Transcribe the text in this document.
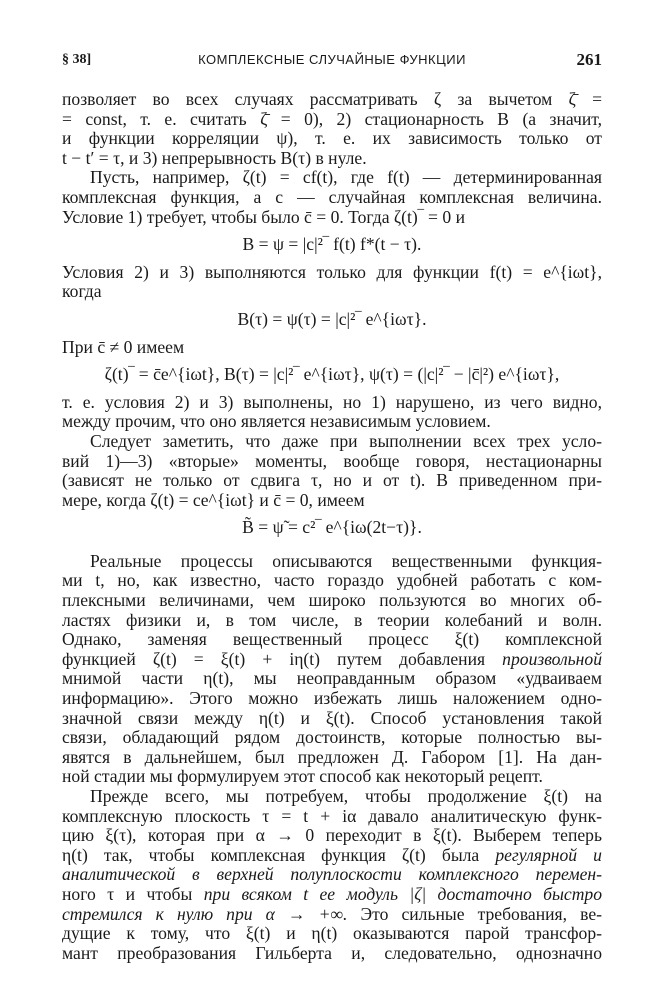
§ 38]	КОМПЛЕКСНЫЕ СЛУЧАЙНЫЕ ФУНКЦИИ	261
позволяет во всех случаях рассматривать ζ за вычетом ζ̄ =
= const, т. е. считать ζ̄ = 0), 2) стационарность B (а значит,
и функции корреляции ψ), т. е. их зависимость только от
t − t′ = τ, и 3) непрерывность B(τ) в нуле.
Пусть, например, ζ(t) = cf(t), где f(t) — детерминированная
комплексная функция, а c — случайная комплексная величина.
Условие 1) требует, чтобы было c̄ = 0. Тогда ζ(t)‾ = 0 и
B = ψ = |c|²‾ f(t) f*(t − τ).
Условия 2) и 3) выполняются только для функции f(t) = e^{iωt},
когда
B(τ) = ψ(τ) = |c|²‾ e^{iωτ}.
При c̄ ≠ 0 имеем
ζ(t)‾ = c̄e^{iωt}, B(τ) = |c|²‾ e^{iωτ}, ψ(τ) = (|c|²‾ − |c̄|²) e^{iωτ},
т. е. условия 2) и 3) выполнены, но 1) нарушено, из чего видно,
между прочим, что оно является независимым условием.
Следует заметить, что даже при выполнении всех трех усло-
вий 1)—3) «вторые» моменты, вообще говоря, нестационарны
(зависят не только от сдвига τ, но и от t). В приведенном при-
мере, когда ζ(t) = ce^{iωt} и c̄ = 0, имеем
B̃ = ψ̃ = c²‾ e^{iω(2t−τ)}.
Реальные процессы описываются вещественными функция-
ми t, но, как известно, часто гораздо удобней работать с ком-
плексными величинами, чем широко пользуются во многих об-
ластях физики и, в том числе, в теории колебаний и волн.
Однако, заменяя вещественный процесс ξ(t) комплексной
функцией ζ(t) = ξ(t) + iη(t) путем добавления произвольной
мнимой части η(t), мы неоправданным образом «удваиваем
информацию». Этого можно избежать лишь наложением одно-
значной связи между η(t) и ξ(t). Способ установления такой
связи, обладающий рядом достоинств, которые полностью вы-
явятся в дальнейшем, был предложен Д. Габором [1]. На дан-
ной стадии мы формулируем этот способ как некоторый рецепт.
Прежде всего, мы потребуем, чтобы продолжение ξ(t) на
комплексную плоскость τ = t + iα давало аналитическую функ-
цию ξ(τ), которая при α → 0 переходит в ξ(t). Выберем теперь
η(t) так, чтобы комплексная функция ζ(t) была регулярной и
аналитической в верхней полуплоскости комплексного перемен-
ного τ и чтобы при всяком t ее модуль |ζ| достаточно быстро
стремился к нулю при α → +∞. Это сильные требования, ве-
дущие к тому, что ξ(t) и η(t) оказываются парой трансфор-
мант преобразования Гильберта и, следовательно, однозначно
